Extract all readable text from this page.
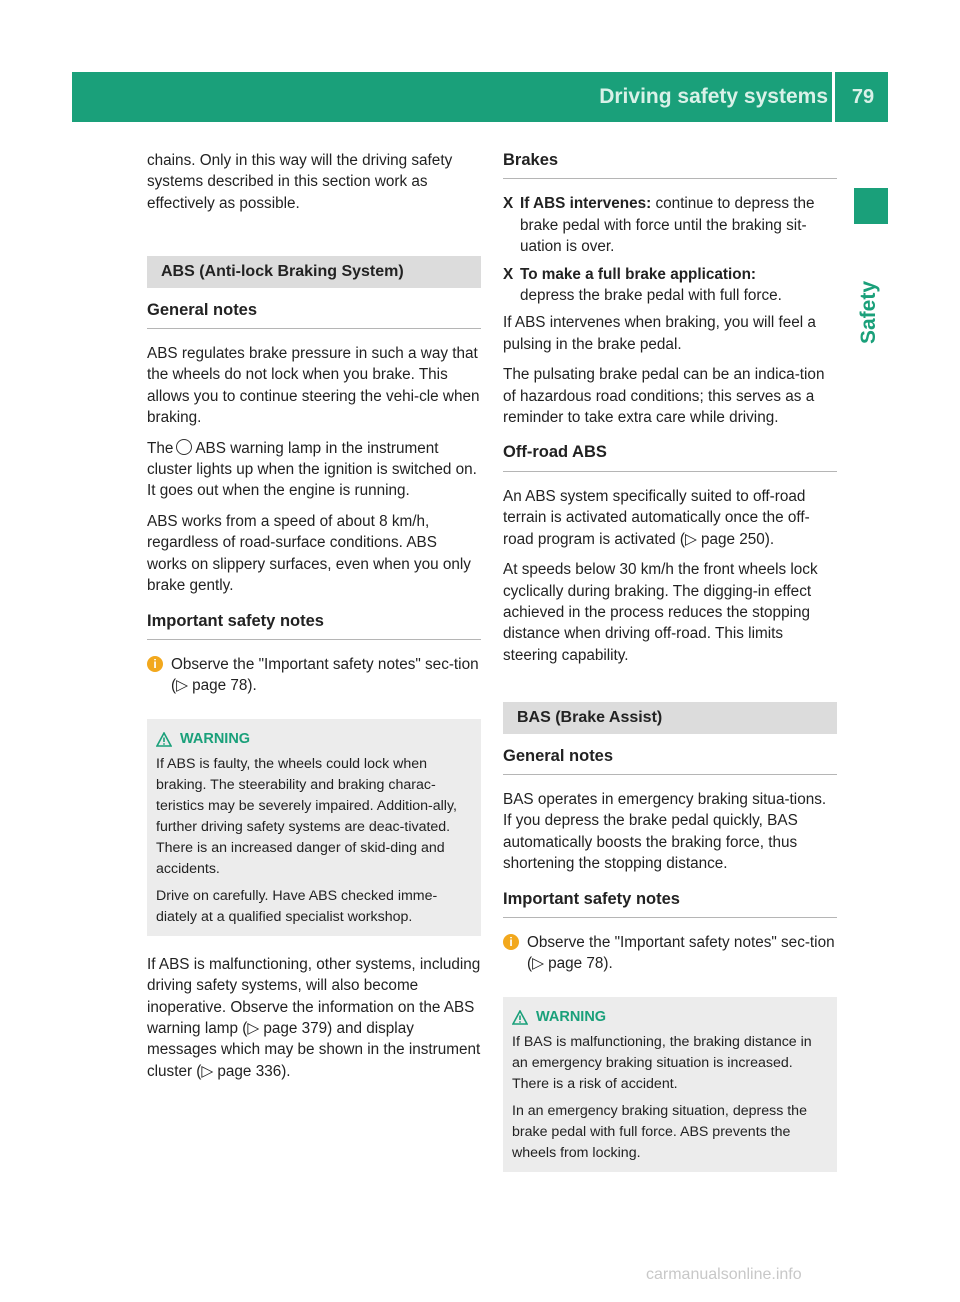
Driving safety systems	79
Safety

chains. Only in this way will the driving safety systems described in this section work as effectively as possible.

ABS (Anti-lock Braking System)
General notes

ABS regulates brake pressure in such a way that the wheels do not lock when you brake. This allows you to continue steering the vehi-cle when braking.

The ABS warning lamp in the instrument cluster lights up when the ignition is switched on. It goes out when the engine is running.

ABS works from a speed of about 8 km/h, regardless of road-surface conditions. ABS works on slippery surfaces, even when you only brake gently.

Important safety notes
i Observe the "Important safety notes" sec-tion (▷ page 78).
WARNING

If ABS is faulty, the wheels could lock when braking. The steerability and braking charac-teristics may be severely impaired. Addition-ally, further driving safety systems are deac-tivated. There is an increased danger of skid-ding and accidents.

Drive on carefully. Have ABS checked imme-diately at a qualified specialist workshop.

If ABS is malfunctioning, other systems, including driving safety systems, will also become inoperative. Observe the information on the ABS warning lamp (▷ page 379) and display messages which may be shown in the instrument cluster (▷ page 336).

Brakes
X If ABS intervenes: continue to depress the brake pedal with force until the braking sit-uation is over.
X To make a full brake application:
depress the brake pedal with full force.

If ABS intervenes when braking, you will feel a pulsing in the brake pedal.

The pulsating brake pedal can be an indica-tion of hazardous road conditions; this serves as a reminder to take extra care while driving.

Off-road ABS

An ABS system specifically suited to off-road terrain is activated automatically once the off-road program is activated (▷ page 250).

At speeds below 30 km/h the front wheels lock cyclically during braking. The digging-in effect achieved in the process reduces the stopping distance when driving off-road. This limits steering capability.

BAS (Brake Assist)
General notes

BAS operates in emergency braking situa-tions. If you depress the brake pedal quickly, BAS automatically boosts the braking force, thus shortening the stopping distance.

Important safety notes
i Observe the "Important safety notes" sec-tion (▷ page 78).
WARNING

If BAS is malfunctioning, the braking distance in an emergency braking situation is increased. There is a risk of accident.

In an emergency braking situation, depress the brake pedal with full force. ABS prevents the wheels from locking.

carmanualsonline.info
